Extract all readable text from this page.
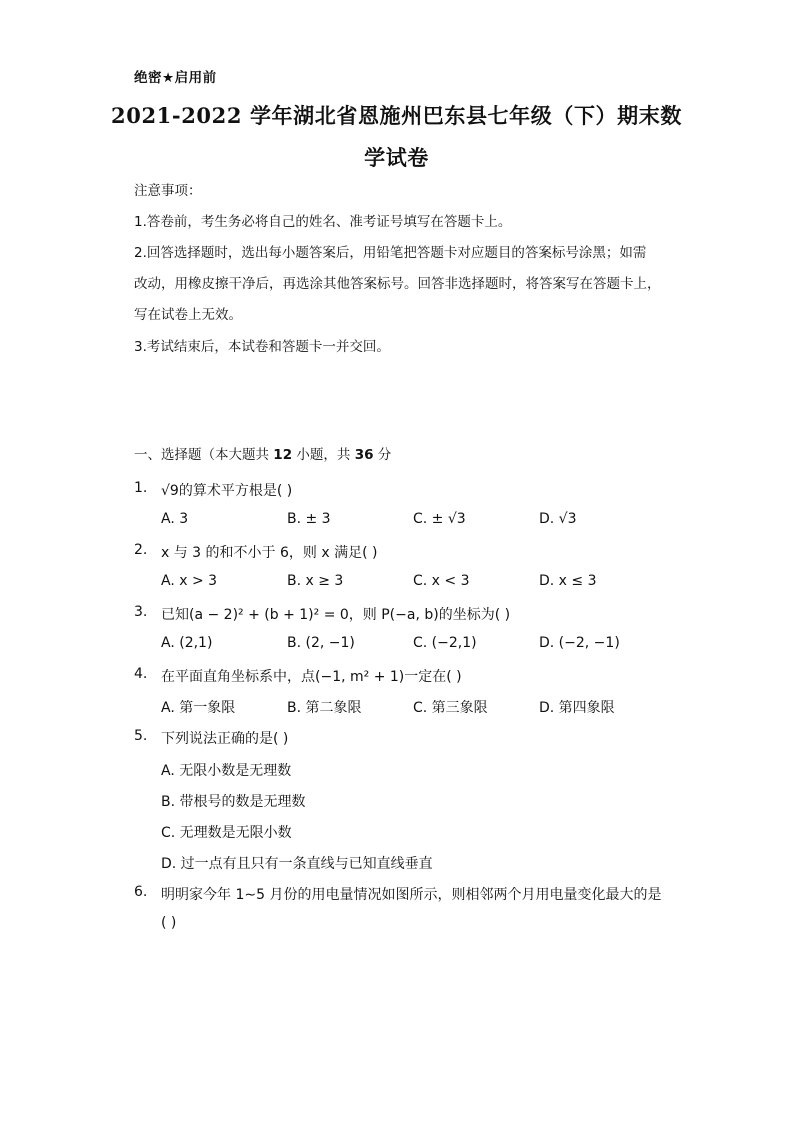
绝密★启用前
2021-2022 学年湖北省恩施州巴东县七年级（下）期末数
学试卷
注意事项：
1.答卷前，考生务必将自己的姓名、准考证号填写在答题卡上。
2.回答选择题时，选出每小题答案后，用铅笔把答题卡对应题目的答案标号涂黑；如需
改动，用橡皮擦干净后，再选涂其他答案标号。回答非选择题时，将答案写在答题卡上，
写在试卷上无效。
3.考试结束后，本试卷和答题卡一并交回。
一、选择题（本大题共 12 小题，共 36 分
1. √9的算术平方根是( )
A. 3	B. ± 3	C. ± √3	D. √3
2. x 与 3 的和不小于 6，则 x 满足( )
A. x > 3	B. x ≥ 3	C. x < 3	D. x ≤ 3
3. 已知(a − 2)² + (b + 1)² = 0，则 P(−a, b)的坐标为( )
A. (2,1)	B. (2, −1)	C. (−2,1)	D. (−2, −1)
4. 在平面直角坐标系中，点(−1, m² + 1)一定在( )
A. 第一象限	B. 第二象限	C. 第三象限	D. 第四象限
5. 下列说法正确的是( )
A. 无限小数是无理数
B. 带根号的数是无理数
C. 无理数是无限小数
D. 过一点有且只有一条直线与已知直线垂直
6. 明明家今年 1∼5 月份的用电量情况如图所示，则相邻两个月用电量变化最大的是
( )
